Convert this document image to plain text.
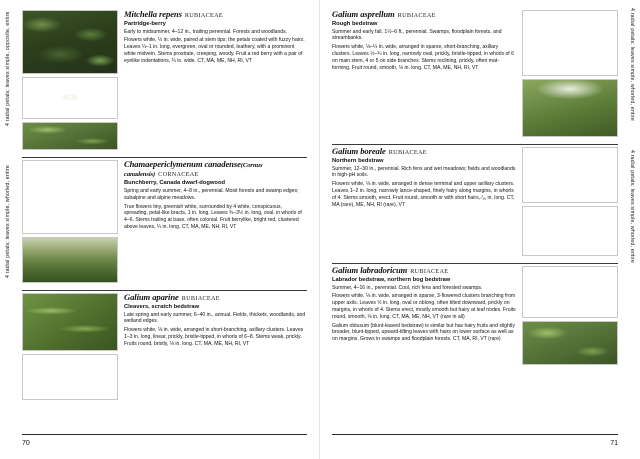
4 radial petals; leaves simple, opposite, entire
4 radial petals; leaves simple, whorled, entire

Mitchella repens RUBIACEAE

Partridge-berry

Early to midsummer, 4–12 in., trailing perennial. Forests and woodlands.

Flowers white, ½ in. wide, paired at stem tips; the petals coated with fuzzy hairs. Leaves ¼–1 in. long, evergreen, oval or rounded, leathery, with a prominent white midvein. Stems prostrate, creeping, woody. Fruit a red berry with a pair of eyelike indentations, ¼ in. wide. CT, MA, ME, NH, RI, VT

Chamaepericlymenum canadense(Cornus canadensis) CORNACEAE

Bunchberry, Canada dwarf-dogwood

Spring and early summer, 4–8 in., perennial. Moist forests and swamp edges; subalpine and alpine meadows.

True flowers tiny, greenish white, surrounded by 4 white, conspicuous, spreading, petal-like bracts, 1 in. long. Leaves ¾–3½ in. long, oval, in whorls of 4–6. Stems trailing at base, often colonial. Fruit berrylike, bright red, clustered above leaves, ¼ in. long. CT, MA, ME, NH, RI, VT

Galium aparine RUBIACEAE

Cleavers, scratch bedstraw

Late spring and early summer, 6–40 in., annual. Fields, thickets, woodlands, and wetland edges.

Flowers white, ⅛ in. wide, arranged in short-branching, axillary clusters. Leaves 1–3 in. long, linear, prickly, bristle-tipped, in whorls of 6–8. Stems weak, prickly. Fruits round, bristly, ⅛ in. long. CT, MA, ME, NH, RI, VT

70
4 radial petals; leaves simple, whorled, entire
4 radial petals; leaves simple, whorled, entire

Galium asprellum RUBIACEAE

Rough bedstraw

Summer and early fall, 1½–6 ft., perennial. Swamps, floodplain forests, and streambanks.

Flowers white, ⅛–¼ in. wide, arranged in sparse, short-branching, axillary clusters. Leaves ½–¾ in. long, narrowly oval, prickly, bristle-tipped, in whorls of 6 on main stem, 4 or 5 on side branches. Stems reclining, prickly, often mat-forming. Fruit round, smooth, ⅛ in. long. CT, MA, ME, NH, RI, VT

Galium boreale RUBIACEAE

Northern bedstraw

Summer, 12–30 in., perennial. Rich fens and wet meadows; fields and woodlands in high-pH soils.

Flowers white, ⅛ in. wide, arranged in dense terminal and upper axillary clusters. Leaves 1–2 in. long, narrowly lance-shaped, finely hairy along margins, in whorls of 4. Stems smooth, erect. Fruit round, smooth or with short hairs, ⁄₁₆ in. long. CT, MA (rare), ME, NH, RI (rare), VT

Galium labradoricum RUBIACEAE

Labrador bedstraw, northern bog bedstraw

Summer, 4–16 in., perennial. Cool, rich fens and forested swamps.

Flowers white, ⅛ in. wide, arranged in sparse, 3-flowered clusters branching from upper axils. Leaves ½ in. long, oval or oblong, often tilted downward, prickly on margins, in whorls of 4. Stems erect, mostly smooth but hairy at leaf nodes. Fruits round, smooth, ⅛ in. long. CT, MA, ME, NH, VT (rare in all)

Galium obtusum (blunt-leaved bedstraw) is similar but has hairy fruits and slightly broader, blunt-tipped, upward-tilting leaves with hairs on lower surface as well as on margins. Grows in swamps and floodplain forests. CT, MA, RI, VT (rare)

71
